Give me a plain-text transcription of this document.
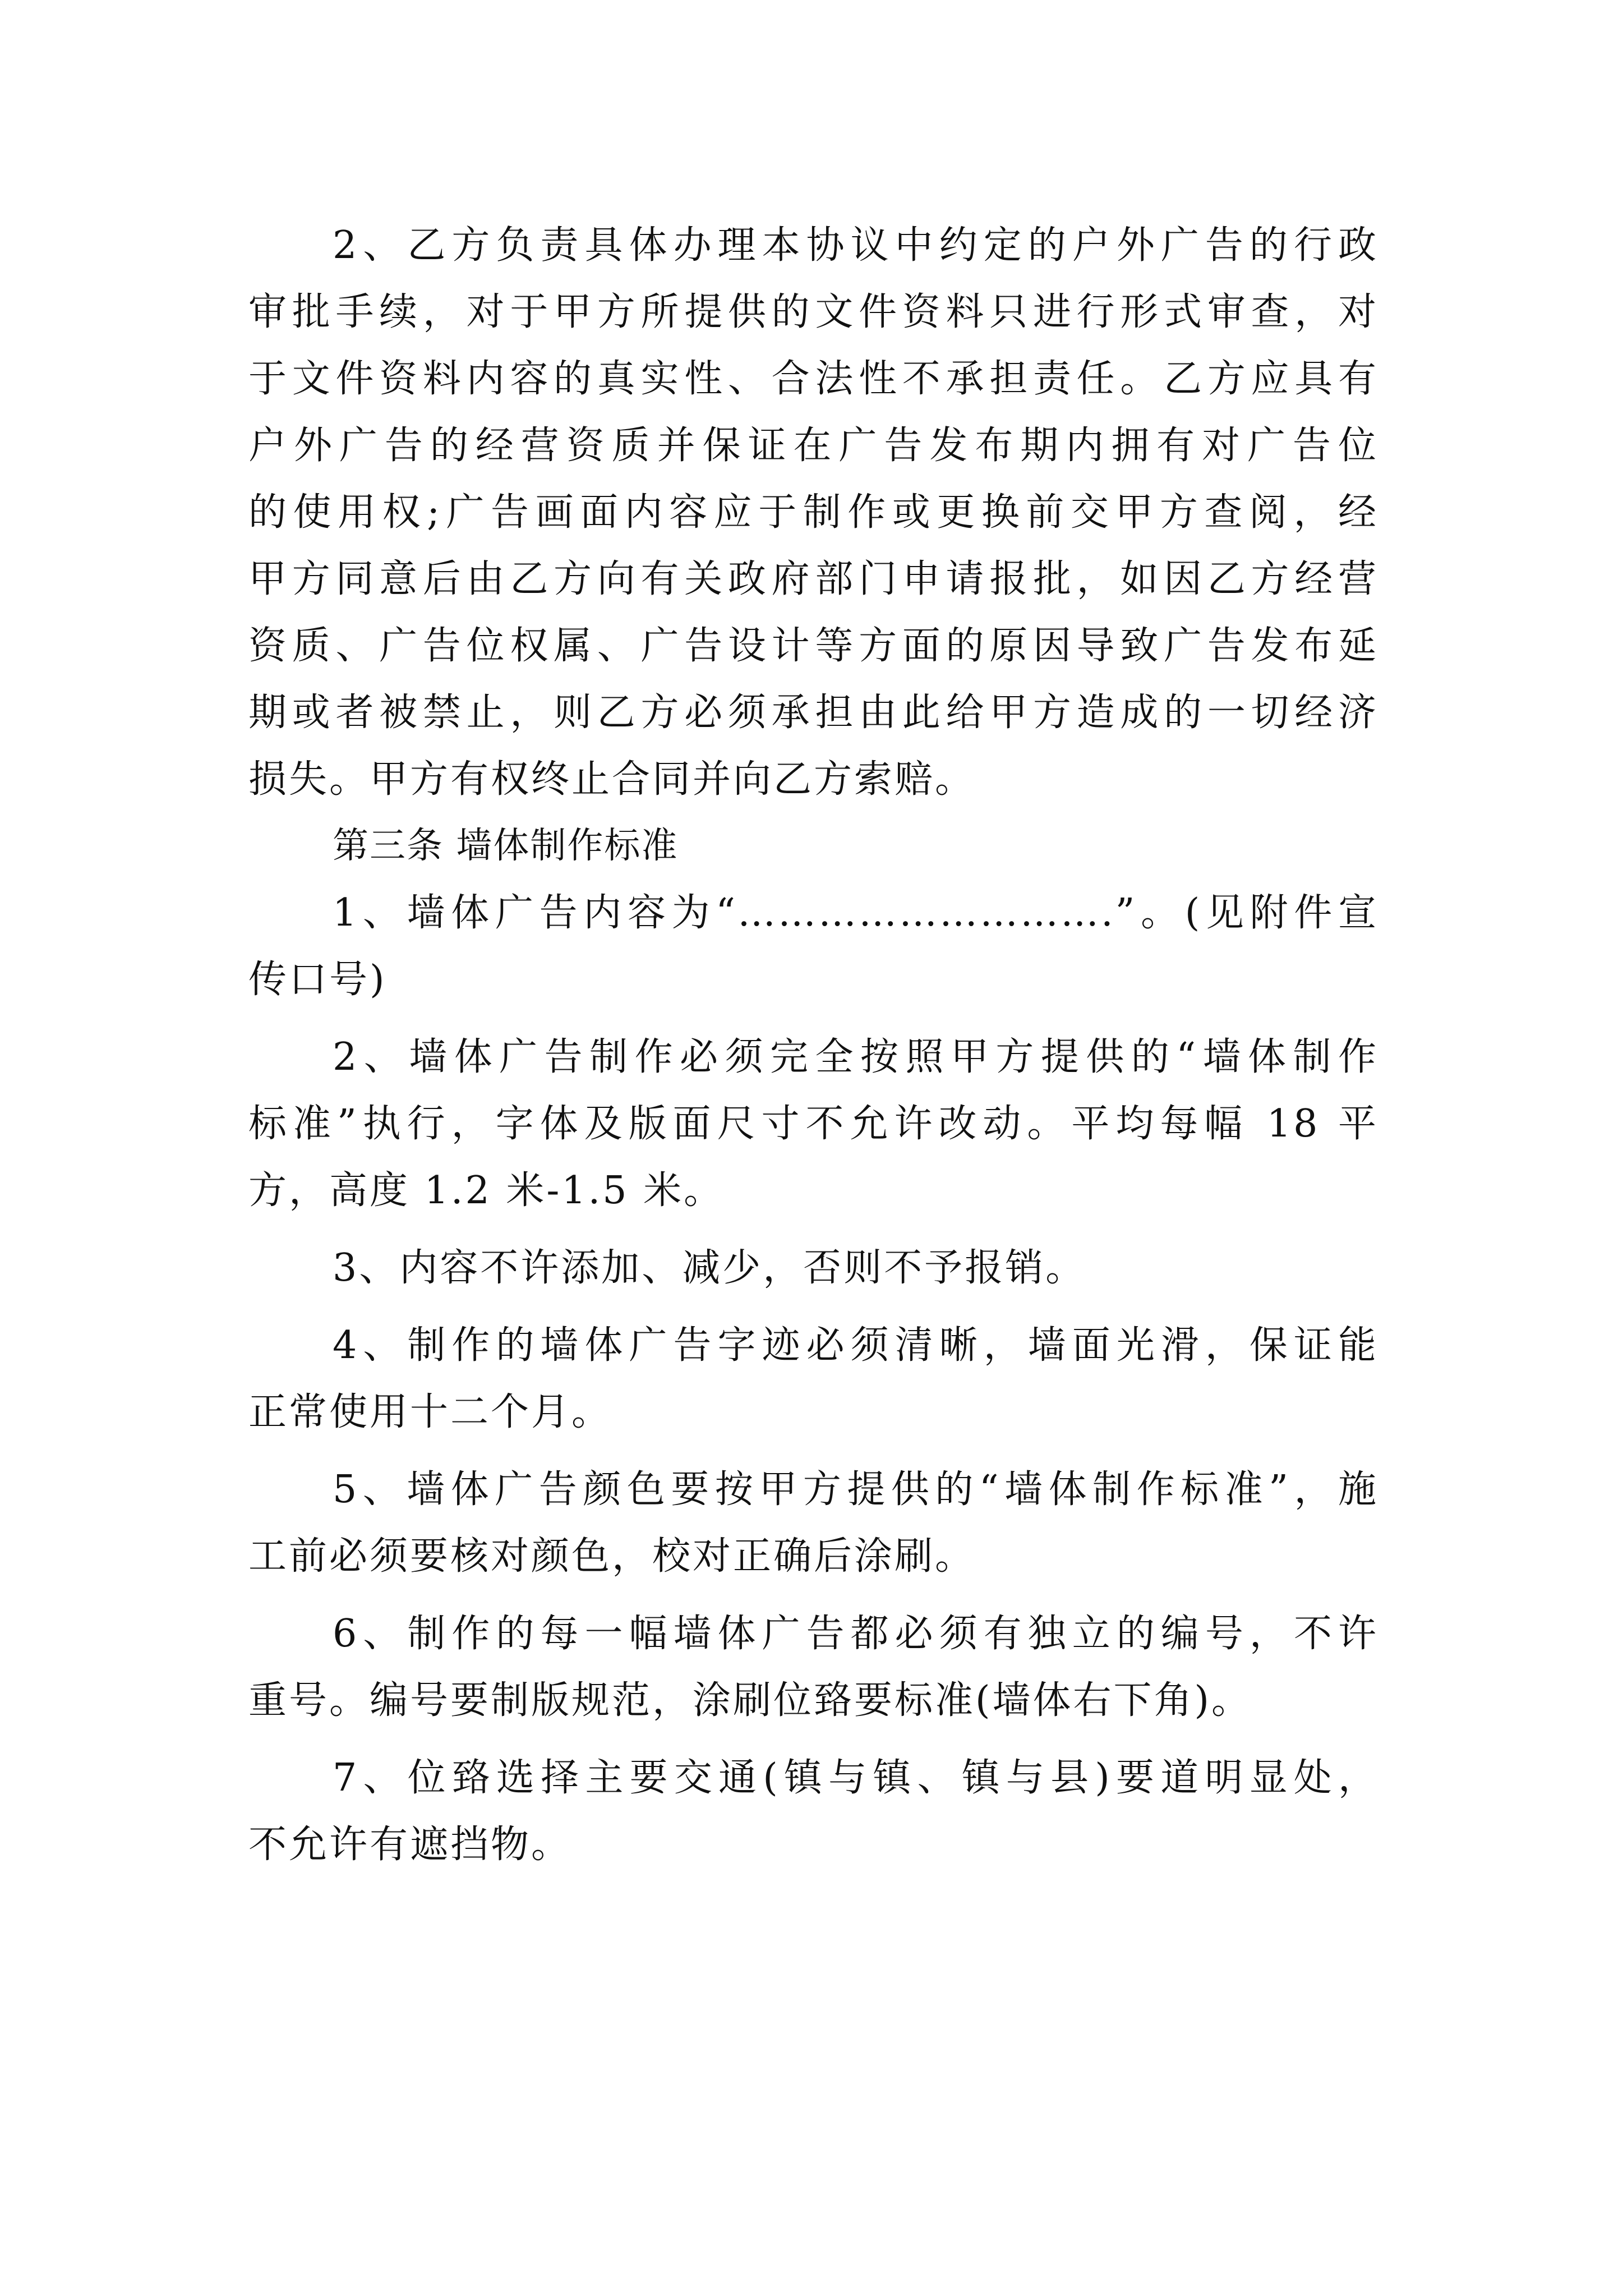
2、乙方负责具体办理本协议中约定的户外广告的行政

审批手续，对于甲方所提供的文件资料只进行形式审查，对

于文件资料内容的真实性、合法性不承担责任。乙方应具有

户外广告的经营资质并保证在广告发布期内拥有对广告位

的使用权;广告画面内容应于制作或更换前交甲方查阅，经

甲方同意后由乙方向有关政府部门申请报批，如因乙方经营

资质、广告位权属、广告设计等方面的原因导致广告发布延

期或者被禁止，则乙方必须承担由此给甲方造成的一切经济

损失。甲方有权终止合同并向乙方索赔。

第三条 墙体制作标准

1、墙体广告内容为“……………………….”。(见附件宣

传口号)

2、墙体广告制作必须完全按照甲方提供的“墙体制作

标准”执行，字体及版面尺寸不允许改动。平均每幅 18 平

方，高度 1.2 米-1.5 米。

3、内容不许添加、减少，否则不予报销。

4、制作的墙体广告字迹必须清晰，墙面光滑，保证能

正常使用十二个月。

5、墙体广告颜色要按甲方提供的“墙体制作标准”，施

工前必须要核对颜色，校对正确后涂刷。

6、制作的每一幅墙体广告都必须有独立的编号，不许

重号。编号要制版规范，涂刷位臵要标准(墙体右下角)。

7、位臵选择主要交通(镇与镇、镇与县)要道明显处，

不允许有遮挡物。
